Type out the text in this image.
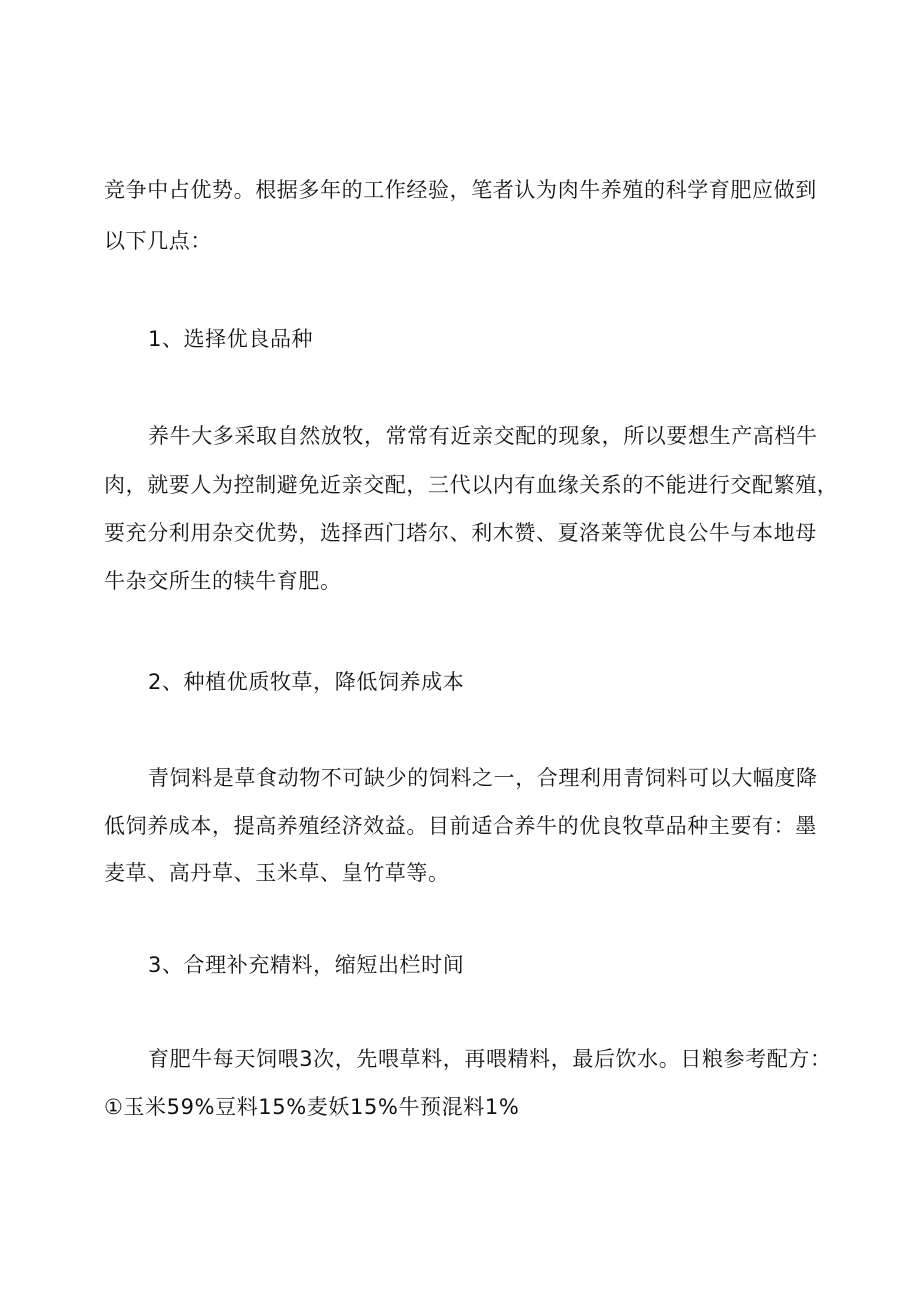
竞争中占优势。根据多年的工作经验，笔者认为肉牛养殖的科学育肥应做到
以下几点：
1、选择优良品种
养牛大多采取自然放牧，常常有近亲交配的现象，所以要想生产高档牛
肉，就要人为控制避免近亲交配，三代以内有血缘关系的不能进行交配繁殖，
要充分利用杂交优势，选择西门塔尔、利木赞、夏洛莱等优良公牛与本地母
牛杂交所生的犊牛育肥。
2、种植优质牧草，降低饲养成本
青饲料是草食动物不可缺少的饲料之一，合理利用青饲料可以大幅度降
低饲养成本，提高养殖经济效益。目前适合养牛的优良牧草品种主要有：墨
麦草、高丹草、玉米草、皇竹草等。
3、合理补充精料，缩短出栏时间
育肥牛每天饲喂3次，先喂草料，再喂精料，最后饮水。日粮参考配方：
①玉米59%豆料15%麦妖15%牛预混料1%
